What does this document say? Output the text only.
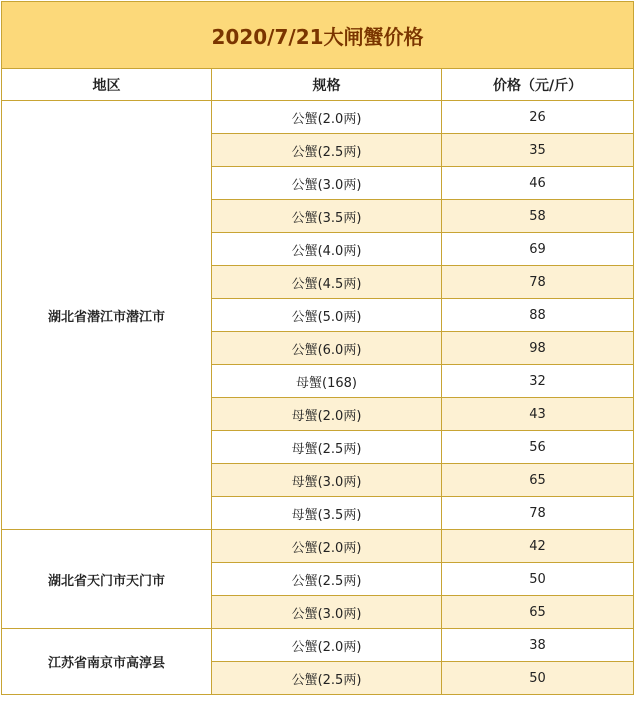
2020/7/21大闸蟹价格		
地区	规格	价格（元/斤）
湖北省潜江市潜江市	公蟹(2.0两)	26
	公蟹(2.5两)	35
	公蟹(3.0两)	46
	公蟹(3.5两)	58
	公蟹(4.0两)	69
	公蟹(4.5两)	78
	公蟹(5.0两)	88
	公蟹(6.0两)	98
	母蟹(168)	32
	母蟹(2.0两)	43
	母蟹(2.5两)	56
	母蟹(3.0两)	65
	母蟹(3.5两)	78
湖北省天门市天门市	公蟹(2.0两)	42
	公蟹(2.5两)	50
	公蟹(3.0两)	65
江苏省南京市高淳县	公蟹(2.0两)	38
	公蟹(2.5两)	50
